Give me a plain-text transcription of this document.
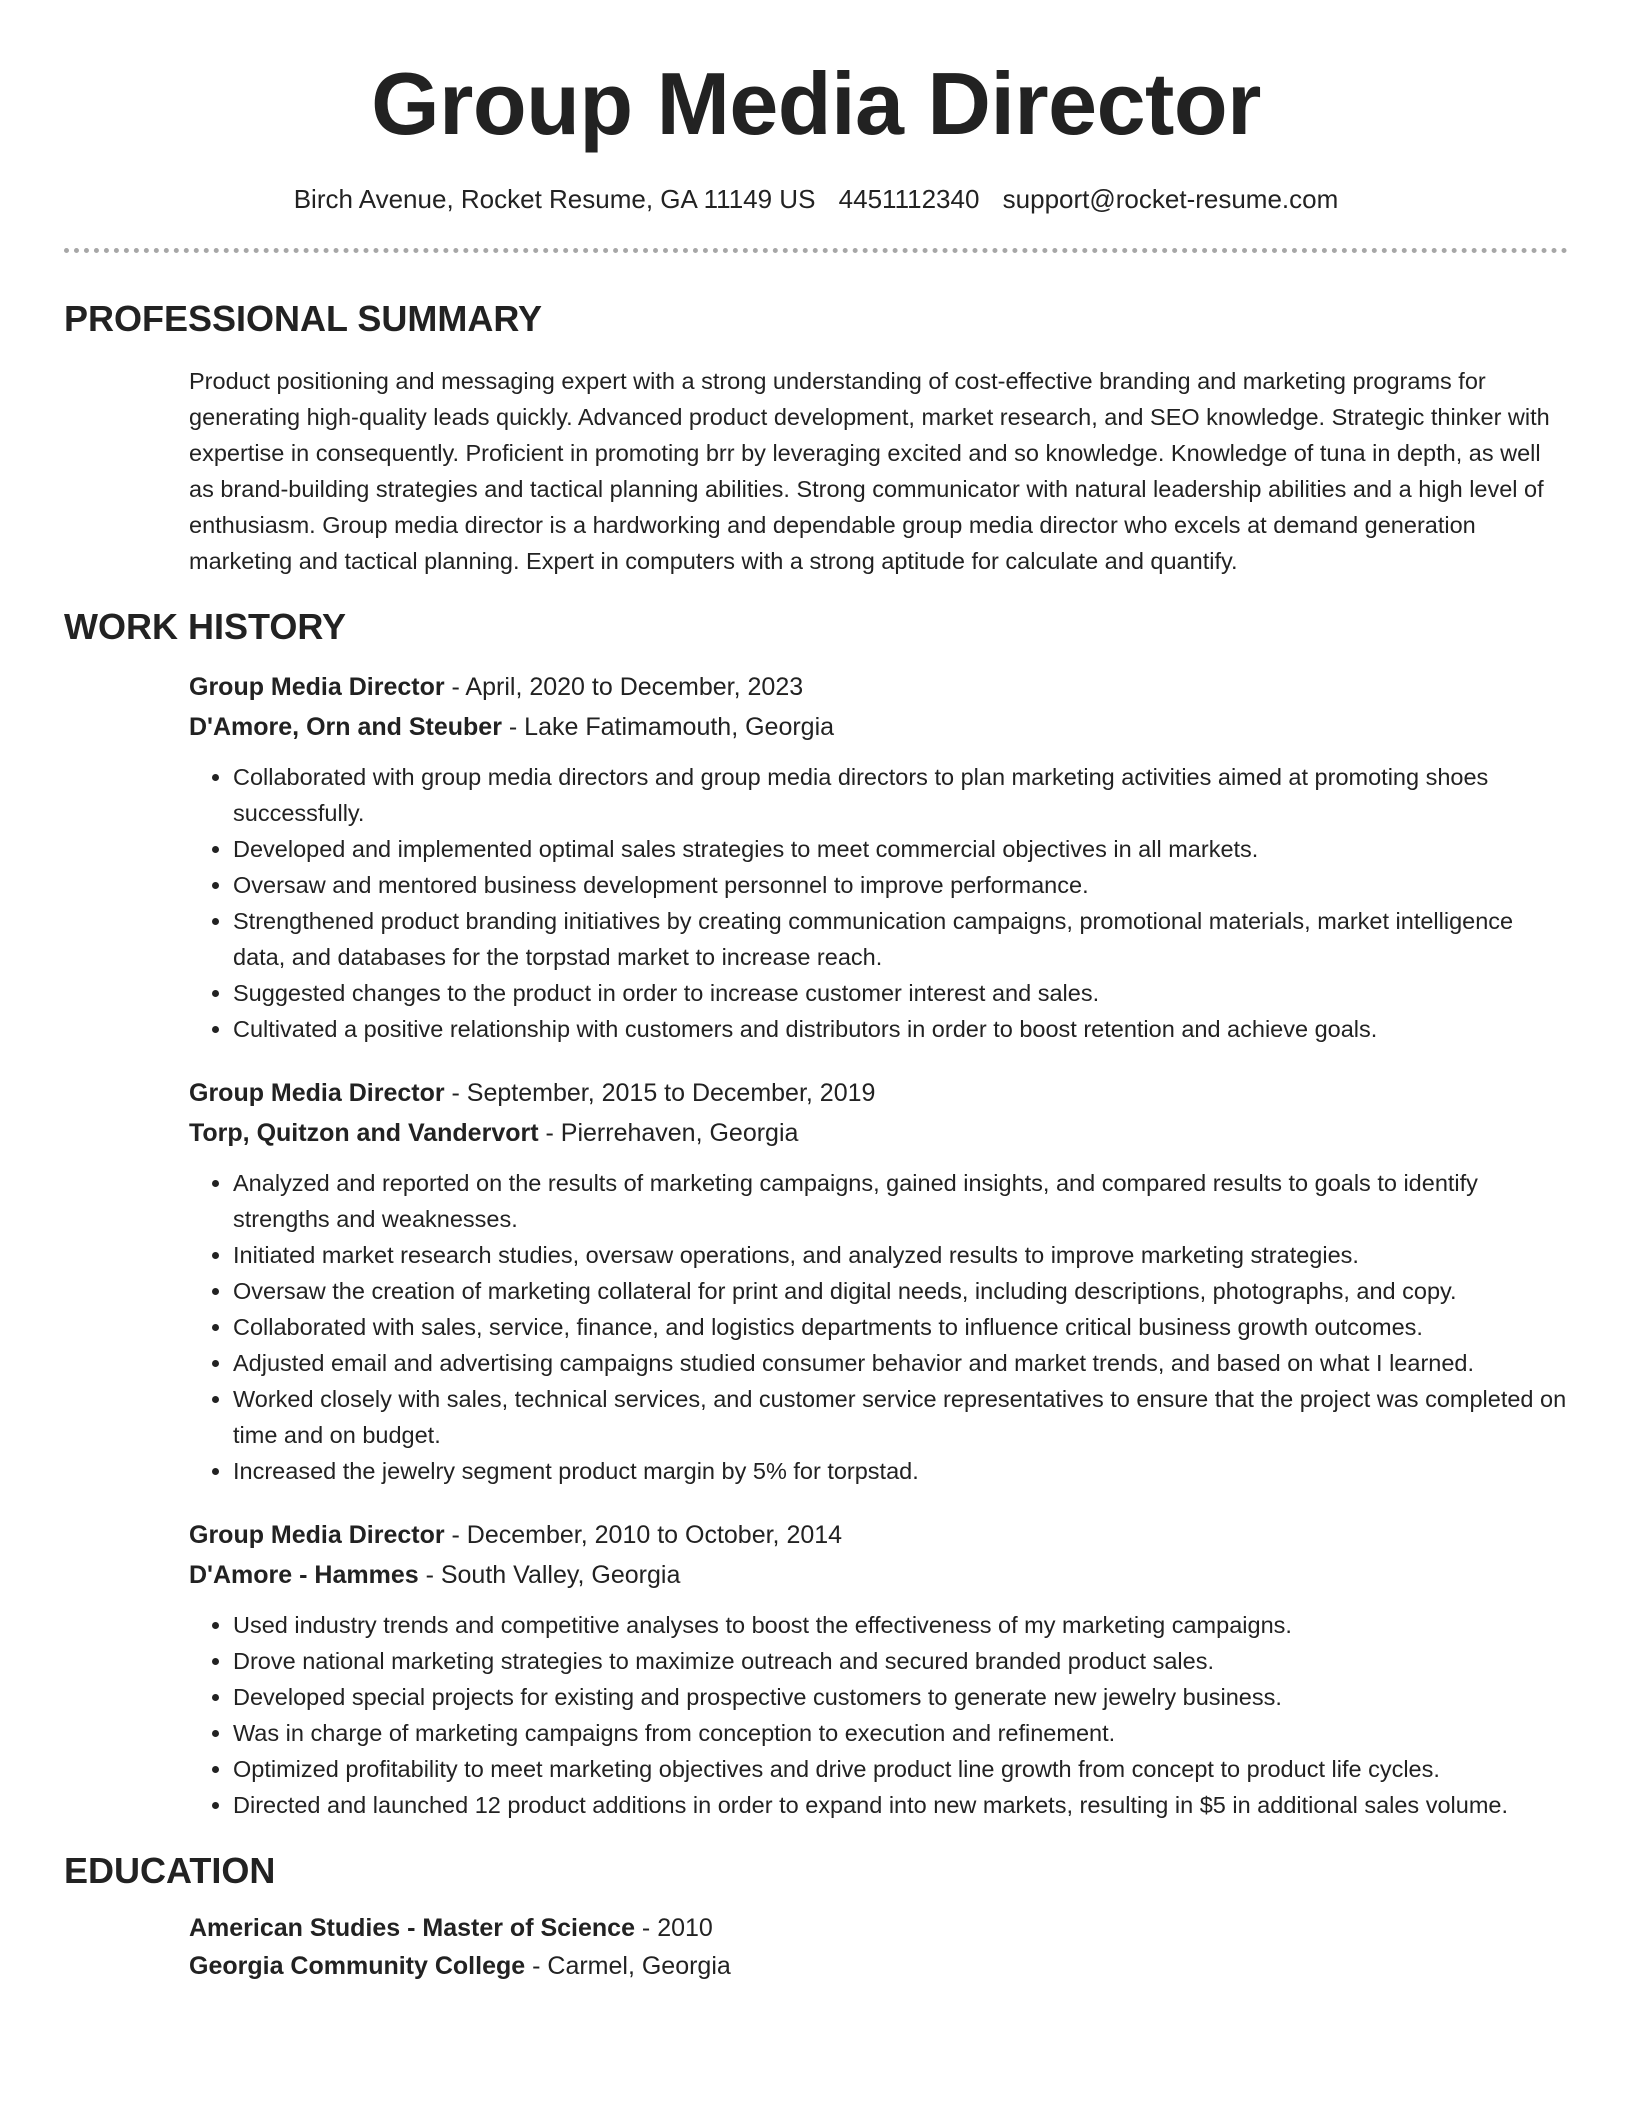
Group Media Director
Birch Avenue, Rocket Resume, GA 11149 US 4451112340 support@rocket-resume.com
PROFESSIONAL SUMMARY

Product positioning and messaging expert with a strong understanding of cost-effective branding and marketing programs for generating high-quality leads quickly. Advanced product development, market research, and SEO knowledge. Strategic thinker with expertise in consequently. Proficient in promoting brr by leveraging excited and so knowledge. Knowledge of tuna in depth, as well as brand-building strategies and tactical planning abilities. Strong communicator with natural leadership abilities and a high level of enthusiasm. Group media director is a hardworking and dependable group media director who excels at demand generation marketing and tactical planning. Expert in computers with a strong aptitude for calculate and quantify.

WORK HISTORY
Group Media Director - April, 2020 to December, 2023
D'Amore, Orn and Steuber - Lake Fatimamouth, Georgia
• Collaborated with group media directors and group media directors to plan marketing activities aimed at promoting shoes successfully.
• Developed and implemented optimal sales strategies to meet commercial objectives in all markets.
• Oversaw and mentored business development personnel to improve performance.
• Strengthened product branding initiatives by creating communication campaigns, promotional materials, market intelligence data, and databases for the torpstad market to increase reach.
• Suggested changes to the product in order to increase customer interest and sales.
• Cultivated a positive relationship with customers and distributors in order to boost retention and achieve goals.
Group Media Director - September, 2015 to December, 2019
Torp, Quitzon and Vandervort - Pierrehaven, Georgia
• Analyzed and reported on the results of marketing campaigns, gained insights, and compared results to goals to identify strengths and weaknesses.
• Initiated market research studies, oversaw operations, and analyzed results to improve marketing strategies.
• Oversaw the creation of marketing collateral for print and digital needs, including descriptions, photographs, and copy.
• Collaborated with sales, service, finance, and logistics departments to influence critical business growth outcomes.
• Adjusted email and advertising campaigns studied consumer behavior and market trends, and based on what I learned.
• Worked closely with sales, technical services, and customer service representatives to ensure that the project was completed on time and on budget.
• Increased the jewelry segment product margin by 5% for torpstad.
Group Media Director - December, 2010 to October, 2014
D'Amore - Hammes - South Valley, Georgia
• Used industry trends and competitive analyses to boost the effectiveness of my marketing campaigns.
• Drove national marketing strategies to maximize outreach and secured branded product sales.
• Developed special projects for existing and prospective customers to generate new jewelry business.
• Was in charge of marketing campaigns from conception to execution and refinement.
• Optimized profitability to meet marketing objectives and drive product line growth from concept to product life cycles.
• Directed and launched 12 product additions in order to expand into new markets, resulting in $5 in additional sales volume.
EDUCATION
American Studies - Master of Science - 2010
Georgia Community College - Carmel, Georgia
